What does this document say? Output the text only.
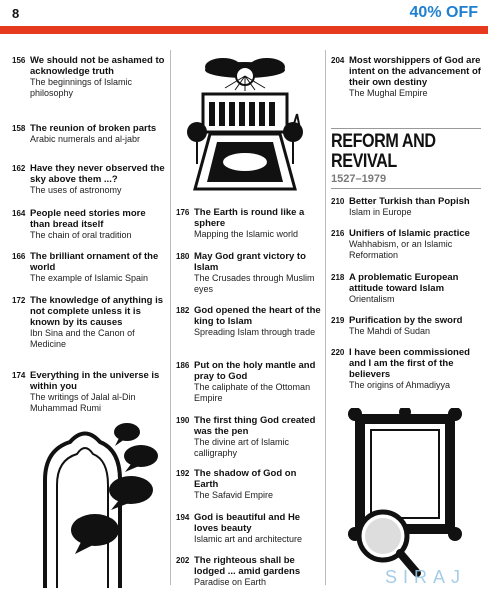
8	40% OFF
156 We should not be ashamed to acknowledge truth
The beginnings of Islamic philosophy
158 The reunion of broken parts
Arabic numerals and al-jabr
162 Have they never observed the sky above them ...?
The uses of astronomy
164 People need stories more than bread itself
The chain of oral tradition
166 The brilliant ornament of the world
The example of Islamic Spain
172 The knowledge of anything is not complete unless it is known by its causes
Ibn Sina and the Canon of Medicine
174 Everything in the universe is within you
The writings of Jalal al-Din Muhammad Rumi
176 The Earth is round like a sphere
Mapping the Islamic world
180 May God grant victory to Islam
The Crusades through Muslim eyes
182 God opened the heart of the king to Islam
Spreading Islam through trade
186 Put on the holy mantle and pray to God
The caliphate of the Ottoman Empire
190 The first thing God created was the pen
The divine art of Islamic calligraphy
192 The shadow of God on Earth
The Safavid Empire
194 God is beautiful and He loves beauty
Islamic art and architecture
202 The righteous shall be lodged ... amid gardens
Paradise on Earth
204 Most worshippers of God are intent on the advancement of their own destiny
The Mughal Empire
REFORM AND
REVIVAL
1527–1979
210 Better Turkish than Popish
Islam in Europe
216 Unifiers of Islamic practice
Wahhabism, or an Islamic Reformation
218 A problematic European attitude toward Islam
Orientalism
219 Purification by the sword
The Mahdi of Sudan
220 I have been commissioned and I am the first of the believers
The origins of Ahmadiyya
SIRAJ
